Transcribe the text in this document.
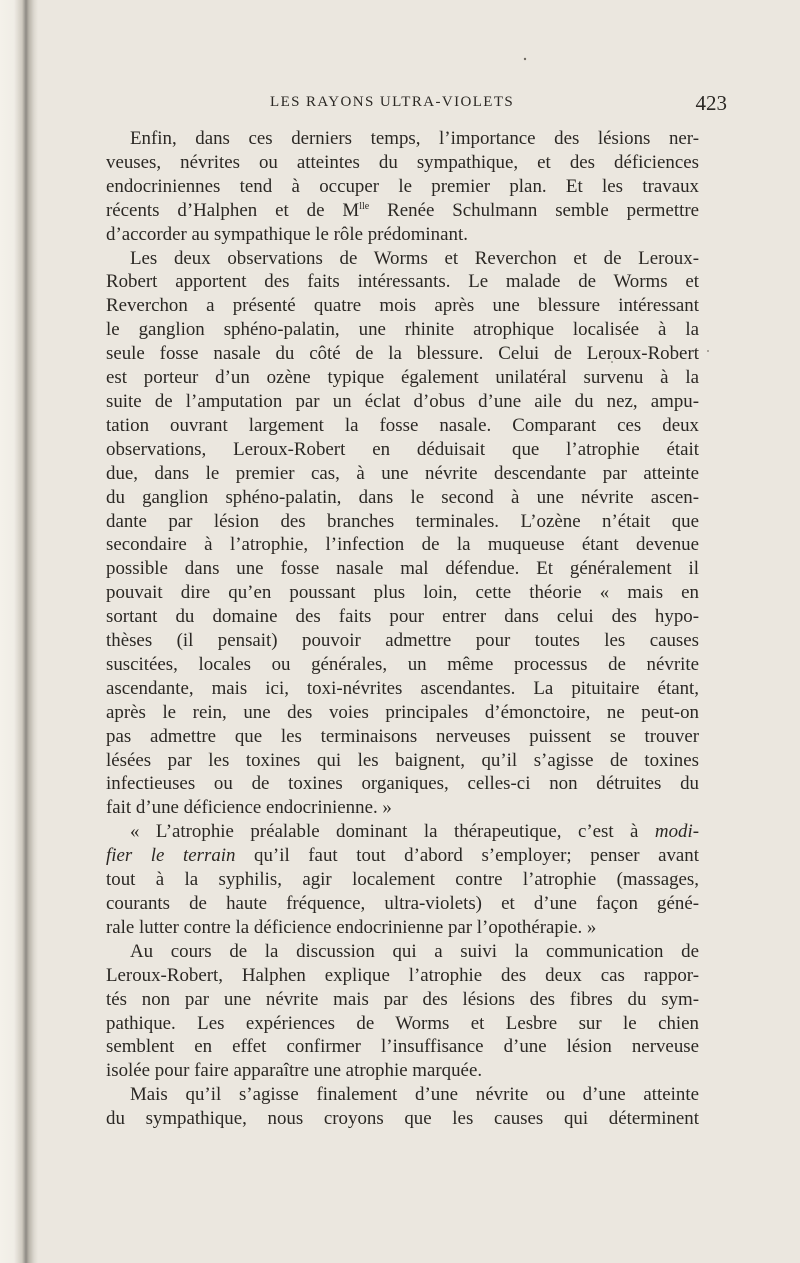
LES RAYONS ULTRA-VIOLETS	423
Enfin, dans ces derniers temps, l’importance des lésions ner-
veuses, névrites ou atteintes du sympathique, et des déficiences
endocriniennes tend à occuper le premier plan. Et les travaux
récents d’Halphen et de $M^{lle}$ Renée Schulmann semble permettre
d’accorder au sympathique le rôle prédominant.
Les deux observations de Worms et Reverchon et de Leroux-
Robert apportent des faits intéressants. Le malade de Worms et
Reverchon a présenté quatre mois après une blessure intéressant
le ganglion sphéno-palatin, une rhinite atrophique localisée à la
seule fosse nasale du côté de la blessure. Celui de Leroux-Robert
est porteur d’un ozène typique également unilatéral survenu à la
suite de l’amputation par un éclat d’obus d’une aile du nez, ampu-
tation ouvrant largement la fosse nasale. Comparant ces deux
observations, Leroux-Robert en déduisait que l’atrophie était
due, dans le premier cas, à une névrite descendante par atteinte
du ganglion sphéno-palatin, dans le second à une névrite ascen-
dante par lésion des branches terminales. L’ozène n’était que
secondaire à l’atrophie, l’infection de la muqueuse étant devenue
possible dans une fosse nasale mal défendue. Et généralement il
pouvait dire qu’en poussant plus loin, cette théorie « mais en
sortant du domaine des faits pour entrer dans celui des hypo-
thèses (il pensait) pouvoir admettre pour toutes les causes
suscitées, locales ou générales, un même processus de névrite
ascendante, mais ici, toxi-névrites ascendantes. La pituitaire étant,
après le rein, une des voies principales d’émonctoire, ne peut-on
pas admettre que les terminaisons nerveuses puissent se trouver
lésées par les toxines qui les baignent, qu’il s’agisse de toxines
infectieuses ou de toxines organiques, celles-ci non détruites du
fait d’une déficience endocrinienne. »
« L’atrophie préalable dominant la thérapeutique, c’est à modi-
fier le terrain qu’il faut tout d’abord s’employer; penser avant
tout à la syphilis, agir localement contre l’atrophie (massages,
courants de haute fréquence, ultra-violets) et d’une façon géné-
rale lutter contre la déficience endocrinienne par l’opothérapie. »
Au cours de la discussion qui a suivi la communication de
Leroux-Robert, Halphen explique l’atrophie des deux cas rappor-
tés non par une névrite mais par des lésions des fibres du sym-
pathique. Les expériences de Worms et Lesbre sur le chien
semblent en effet confirmer l’insuffisance d’une lésion nerveuse
isolée pour faire apparaître une atrophie marquée.
Mais qu’il s’agisse finalement d’une névrite ou d’une atteinte
du sympathique, nous croyons que les causes qui déterminent
